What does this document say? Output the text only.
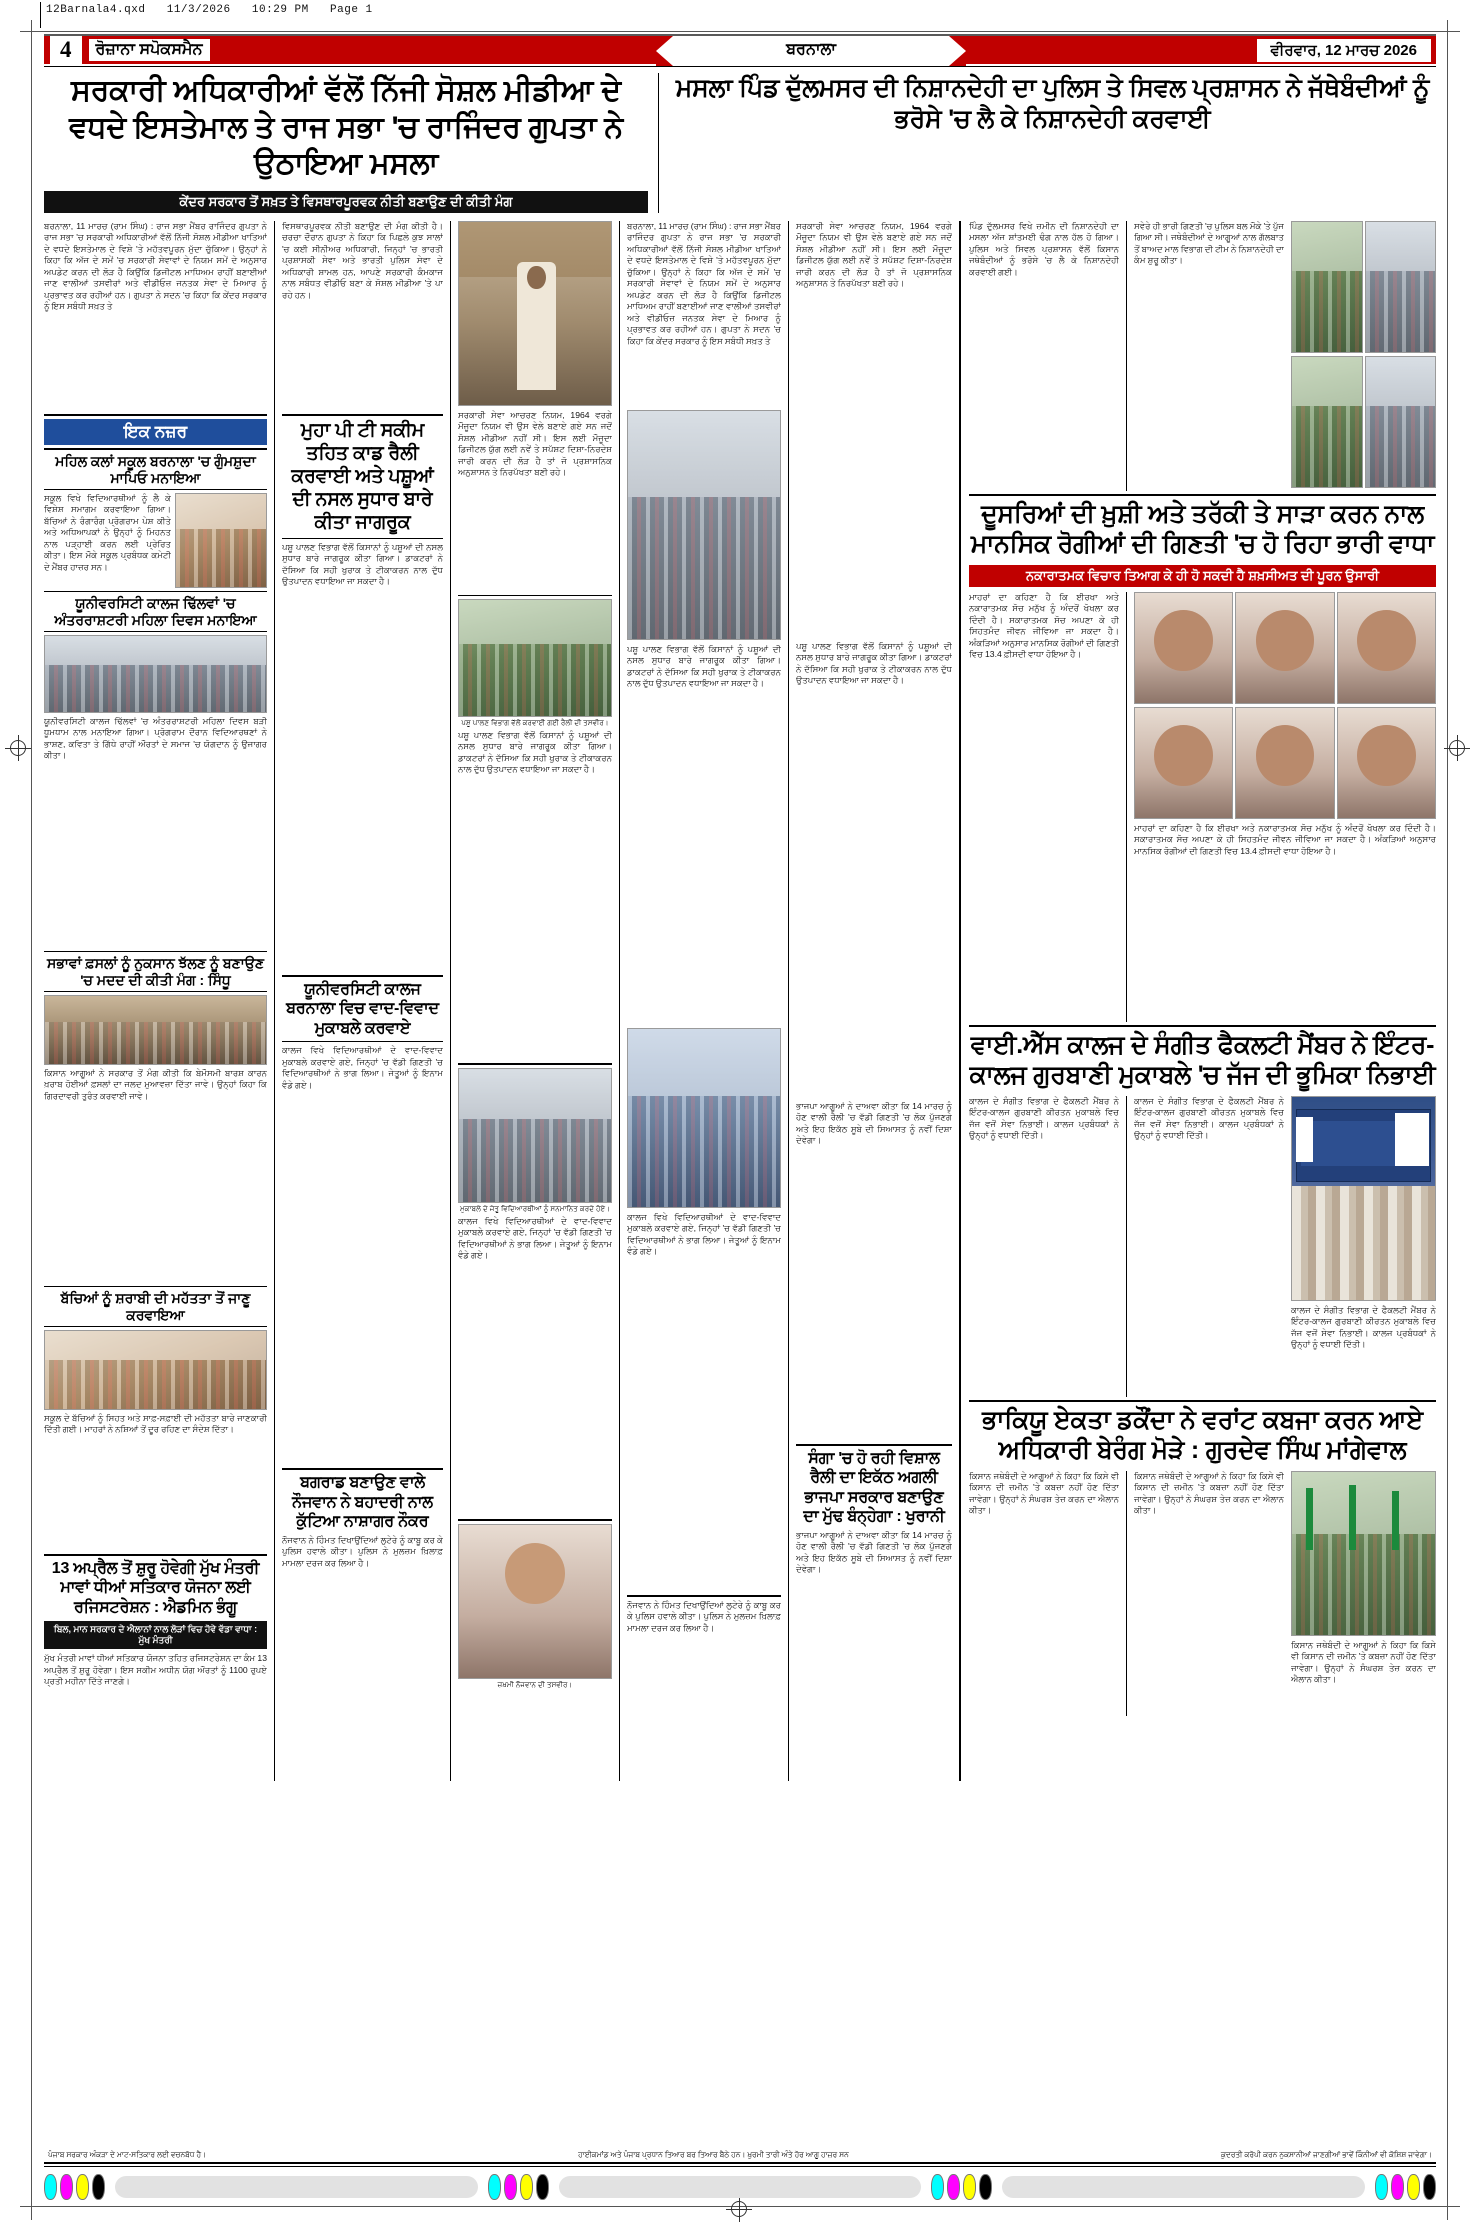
12Barnala4.qxd   11/3/2026   10:29 PM   Page 1
4	ਰੋਜ਼ਾਨਾ ਸਪੋਕਸਮੈਨ	ਬਰਨਾਲਾ	ਵੀਰਵਾਰ, 12 ਮਾਰਚ 2026
ਸਰਕਾਰੀ ਅਧਿਕਾਰੀਆਂ ਵੱਲੋਂ ਨਿੱਜੀ ਸੋਸ਼ਲ ਮੀਡੀਆ ਦੇ ਵਧਦੇ ਇਸਤੇਮਾਲ ਤੇ ਰਾਜ ਸਭਾ 'ਚ ਰਾਜਿੰਦਰ ਗੁਪਤਾ ਨੇ ਉਠਾਇਆ ਮਸਲਾ
ਕੇਂਦਰ ਸਰਕਾਰ ਤੋਂ ਸਖ਼ਤ ਤੇ ਵਿਸਥਾਰਪੂਰਵਕ ਨੀਤੀ ਬਣਾਉਣ ਦੀ ਕੀਤੀ ਮੰਗ
ਮਸਲਾ ਪਿੰਡ ਦੁੱਲਮਸਰ ਦੀ ਨਿਸ਼ਾਨਦੇਹੀ ਦਾ ਪੁਲਿਸ ਤੇ ਸਿਵਲ ਪ੍ਰਸ਼ਾਸਨ ਨੇ ਜੱਥੇਬੰਦੀਆਂ ਨੂੰ ਭਰੋਸੇ 'ਚ ਲੈ ਕੇ ਨਿਸ਼ਾਨਦੇਹੀ ਕਰਵਾਈ
ਬਰਨਾਲਾ, 11 ਮਾਰਚ (ਰਾਮ ਸਿੰਘ) : ਰਾਜ ਸਭਾ ਮੈਂਬਰ ਰਾਜਿੰਦਰ ਗੁਪਤਾ ਨੇ ਰਾਜ ਸਭਾ 'ਚ ਸਰਕਾਰੀ ਅਧਿਕਾਰੀਆਂ ਵੱਲੋਂ ਨਿੱਜੀ ਸੋਸ਼ਲ ਮੀਡੀਆ ਖਾਤਿਆਂ ਦੇ ਵਧਦੇ ਇਸਤੇਮਾਲ ਦੇ ਵਿਸ਼ੇ 'ਤੇ ਮਹੱਤਵਪੂਰਨ ਮੁੱਦਾ ਚੁੱਕਿਆ। ਉਨ੍ਹਾਂ ਨੇ ਕਿਹਾ ਕਿ ਅੱਜ ਦੇ ਸਮੇਂ 'ਚ ਸਰਕਾਰੀ ਸੇਵਾਵਾਂ ਦੇ ਨਿਯਮ ਸਮੇਂ ਦੇ ਅਨੁਸਾਰ ਅਪਡੇਟ ਕਰਨ ਦੀ ਲੋੜ ਹੈ ਕਿਉਂਕਿ ਡਿਜੀਟਲ ਮਾਧਿਅਮ ਰਾਹੀਂ ਬਣਾਈਆਂ ਜਾਣ ਵਾਲੀਆਂ ਤਸਵੀਰਾਂ ਅਤੇ ਵੀਡੀਓਜ਼ ਜਨਤਕ ਸੇਵਾ ਦੇ ਮਿਆਰ ਨੂੰ ਪ੍ਰਭਾਵਤ ਕਰ ਰਹੀਆਂ ਹਨ। ਗੁਪਤਾ ਨੇ ਸਦਨ 'ਚ ਕਿਹਾ ਕਿ ਕੇਂਦਰ ਸਰਕਾਰ ਨੂੰ ਇਸ ਸਬੰਧੀ ਸਖ਼ਤ ਤੇ
ਇਕ ਨਜ਼ਰ
ਮਹਿਲ ਕਲਾਂ ਸਕੂਲ ਬਰਨਾਲਾ 'ਚ ਗੁੰਮਸ਼ੁਦਾ ਮਾਪਿਓ ਮਨਾਇਆ
ਸਕੂਲ ਵਿਖੇ ਵਿਦਿਆਰਥੀਆਂ ਨੂੰ ਲੈ ਕੇ ਵਿਸ਼ੇਸ਼ ਸਮਾਗਮ ਕਰਵਾਇਆ ਗਿਆ। ਬੱਚਿਆਂ ਨੇ ਰੰਗਾਰੰਗ ਪ੍ਰੋਗਰਾਮ ਪੇਸ਼ ਕੀਤੇ ਅਤੇ ਅਧਿਆਪਕਾਂ ਨੇ ਉਨ੍ਹਾਂ ਨੂੰ ਮਿਹਨਤ ਨਾਲ ਪੜ੍ਹਾਈ ਕਰਨ ਲਈ ਪ੍ਰੇਰਿਤ ਕੀਤਾ। ਇਸ ਮੌਕੇ ਸਕੂਲ ਪ੍ਰਬੰਧਕ ਕਮੇਟੀ ਦੇ ਮੈਂਬਰ ਹਾਜ਼ਰ ਸਨ।
ਯੂਨੀਵਰਸਿਟੀ ਕਾਲਜ ਢਿੱਲਵਾਂ 'ਚ ਅੰਤਰਰਾਸ਼ਟਰੀ ਮਹਿਲਾ ਦਿਵਸ ਮਨਾਇਆ
ਯੂਨੀਵਰਸਿਟੀ ਕਾਲਜ ਢਿੱਲਵਾਂ 'ਚ ਅੰਤਰਰਾਸ਼ਟਰੀ ਮਹਿਲਾ ਦਿਵਸ ਬੜੀ ਧੂਮਧਾਮ ਨਾਲ ਮਨਾਇਆ ਗਿਆ। ਪ੍ਰੋਗਰਾਮ ਦੌਰਾਨ ਵਿਦਿਆਰਥਣਾਂ ਨੇ ਭਾਸ਼ਣ, ਕਵਿਤਾ ਤੇ ਗਿੱਧੇ ਰਾਹੀਂ ਔਰਤਾਂ ਦੇ ਸਮਾਜ 'ਚ ਯੋਗਦਾਨ ਨੂੰ ਉਜਾਗਰ ਕੀਤਾ।
ਸਭਾਵਾਂ ਫ਼ਸਲਾਂ ਨੂੰ ਨੁਕਸਾਨ ਝੱਲਣ ਨੂੰ ਬਣਾਉਣ 'ਚ ਮਦਦ ਦੀ ਕੀਤੀ ਮੰਗ : ਸਿੰਧੂ
ਕਿਸਾਨ ਆਗੂਆਂ ਨੇ ਸਰਕਾਰ ਤੋਂ ਮੰਗ ਕੀਤੀ ਕਿ ਬੇਮੌਸਮੀ ਬਾਰਸ਼ ਕਾਰਨ ਖ਼ਰਾਬ ਹੋਈਆਂ ਫ਼ਸਲਾਂ ਦਾ ਜਲਦ ਮੁਆਵਜ਼ਾ ਦਿੱਤਾ ਜਾਵੇ। ਉਨ੍ਹਾਂ ਕਿਹਾ ਕਿ ਗਿਰਦਾਵਰੀ ਤੁਰੰਤ ਕਰਵਾਈ ਜਾਵੇ।
ਬੱਚਿਆਂ ਨੂੰ ਸ਼ਰਾਬੀ ਦੀ ਮਹੱਤਤਾ ਤੋਂ ਜਾਣੂ ਕਰਵਾਇਆ
ਸਕੂਲ ਦੇ ਬੱਚਿਆਂ ਨੂੰ ਸਿਹਤ ਅਤੇ ਸਾਫ਼-ਸਫ਼ਾਈ ਦੀ ਮਹੱਤਤਾ ਬਾਰੇ ਜਾਣਕਾਰੀ ਦਿੱਤੀ ਗਈ। ਮਾਹਰਾਂ ਨੇ ਨਸ਼ਿਆਂ ਤੋਂ ਦੂਰ ਰਹਿਣ ਦਾ ਸੰਦੇਸ਼ ਦਿੱਤਾ।
13 ਅਪ੍ਰੈਲ ਤੋਂ ਸ਼ੁਰੂ ਹੋਵੇਗੀ ਮੁੱਖ ਮੰਤਰੀ ਮਾਵਾਂ ਧੀਆਂ ਸਤਿਕਾਰ ਯੋਜਨਾ ਲਈ ਰਜਿਸਟਰੇਸ਼ਨ : ਐਡਮਿਨ ਭੰਗੂ
ਬਿਲ, ਮਾਨ ਸਰਕਾਰ ਦੇ ਐਲਾਨਾਂ ਨਾਲ ਲੋੜਾਂ ਵਿਚ ਹੋਵੇ ਵੱਡਾ ਵਾਧਾ : ਮੁੱਖ ਮੰਤਰੀ
ਮੁੱਖ ਮੰਤਰੀ ਮਾਵਾਂ ਧੀਆਂ ਸਤਿਕਾਰ ਯੋਜਨਾ ਤਹਿਤ ਰਜਿਸਟਰੇਸ਼ਨ ਦਾ ਕੰਮ 13 ਅਪ੍ਰੈਲ ਤੋਂ ਸ਼ੁਰੂ ਹੋਵੇਗਾ। ਇਸ ਸਕੀਮ ਅਧੀਨ ਯੋਗ ਔਰਤਾਂ ਨੂੰ 1100 ਰੁਪਏ ਪ੍ਰਤੀ ਮਹੀਨਾ ਦਿੱਤੇ ਜਾਣਗੇ।
ਵਿਸਥਾਰਪੂਰਵਕ ਨੀਤੀ ਬਣਾਉਣ ਦੀ ਮੰਗ ਕੀਤੀ ਹੈ। ਚਰਚਾ ਦੌਰਾਨ ਗੁਪਤਾ ਨੇ ਕਿਹਾ ਕਿ ਪਿਛਲੇ ਕੁਝ ਸਾਲਾਂ 'ਚ ਕਈ ਸੀਨੀਅਰ ਅਧਿਕਾਰੀ, ਜਿਨ੍ਹਾਂ 'ਚ ਭਾਰਤੀ ਪ੍ਰਸ਼ਾਸਕੀ ਸੇਵਾ ਅਤੇ ਭਾਰਤੀ ਪੁਲਿਸ ਸੇਵਾ ਦੇ ਅਧਿਕਾਰੀ ਸ਼ਾਮਲ ਹਨ, ਆਪਣੇ ਸਰਕਾਰੀ ਕੰਮਕਾਜ ਨਾਲ ਸਬੰਧਤ ਵੀਡੀਓ ਬਣਾ ਕੇ ਸੋਸ਼ਲ ਮੀਡੀਆ 'ਤੇ ਪਾ ਰਹੇ ਹਨ।
ਮੁਹਾ ਪੀ ਟੀ ਸਕੀਮ ਤਹਿਤ ਕਾਡ ਰੈਲੀ ਕਰਵਾਈ ਅਤੇ ਪਸ਼ੂਆਂ ਦੀ ਨਸਲ ਸੁਧਾਰ ਬਾਰੇ ਕੀਤਾ ਜਾਗਰੂਕ
ਪਸ਼ੂ ਪਾਲਣ ਵਿਭਾਗ ਵੱਲੋਂ ਕਿਸਾਨਾਂ ਨੂੰ ਪਸ਼ੂਆਂ ਦੀ ਨਸਲ ਸੁਧਾਰ ਬਾਰੇ ਜਾਗਰੂਕ ਕੀਤਾ ਗਿਆ। ਡਾਕਟਰਾਂ ਨੇ ਦੱਸਿਆ ਕਿ ਸਹੀ ਖੁਰਾਕ ਤੇ ਟੀਕਾਕਰਨ ਨਾਲ ਦੁੱਧ ਉਤਪਾਦਨ ਵਧਾਇਆ ਜਾ ਸਕਦਾ ਹੈ।
ਯੂਨੀਵਰਸਿਟੀ ਕਾਲਜ ਬਰਨਾਲਾ ਵਿਚ ਵਾਦ-ਵਿਵਾਦ ਮੁਕਾਬਲੇ ਕਰਵਾਏ
ਕਾਲਜ ਵਿਖੇ ਵਿਦਿਆਰਥੀਆਂ ਦੇ ਵਾਦ-ਵਿਵਾਦ ਮੁਕਾਬਲੇ ਕਰਵਾਏ ਗਏ, ਜਿਨ੍ਹਾਂ 'ਚ ਵੱਡੀ ਗਿਣਤੀ 'ਚ ਵਿਦਿਆਰਥੀਆਂ ਨੇ ਭਾਗ ਲਿਆ। ਜੇਤੂਆਂ ਨੂੰ ਇਨਾਮ ਵੰਡੇ ਗਏ।
ਬਗਰਾਡ ਬਣਾਉਣ ਵਾਲੇ ਨੌਜਵਾਨ ਨੇ ਬਹਾਦਰੀ ਨਾਲ ਕੁੱਟਿਆ ਨਾਸ਼ਾਗਰ ਨੌਕਰ
ਨੌਜਵਾਨ ਨੇ ਹਿੰਮਤ ਦਿਖਾਉਂਦਿਆਂ ਲੁਟੇਰੇ ਨੂੰ ਕਾਬੂ ਕਰ ਕੇ ਪੁਲਿਸ ਹਵਾਲੇ ਕੀਤਾ। ਪੁਲਿਸ ਨੇ ਮੁਲਜ਼ਮ ਖ਼ਿਲਾਫ਼ ਮਾਮਲਾ ਦਰਜ ਕਰ ਲਿਆ ਹੈ।
ਸਰਕਾਰੀ ਸੇਵਾ ਆਚਰਣ ਨਿਯਮ, 1964 ਵਰਗੇ ਮੌਜੂਦਾ ਨਿਯਮ ਵੀ ਉਸ ਵੇਲੇ ਬਣਾਏ ਗਏ ਸਨ ਜਦੋਂ ਸੋਸ਼ਲ ਮੀਡੀਆ ਨਹੀਂ ਸੀ। ਇਸ ਲਈ ਮੌਜੂਦਾ ਡਿਜੀਟਲ ਯੁੱਗ ਲਈ ਨਵੇਂ ਤੇ ਸਪੱਸ਼ਟ ਦਿਸ਼ਾ-ਨਿਰਦੇਸ਼ ਜਾਰੀ ਕਰਨ ਦੀ ਲੋੜ ਹੈ ਤਾਂ ਜੋ ਪ੍ਰਸ਼ਾਸਨਿਕ ਅਨੁਸ਼ਾਸਨ ਤੇ ਨਿਰਪੱਖਤਾ ਬਣੀ ਰਹੇ।
ਪਸ਼ੂ ਪਾਲਣ ਵਿਭਾਗ ਵੱਲੋਂ ਕਰਵਾਈ ਗਈ ਰੈਲੀ ਦੀ ਤਸਵੀਰ।
ਪਸ਼ੂ ਪਾਲਣ ਵਿਭਾਗ ਵੱਲੋਂ ਕਿਸਾਨਾਂ ਨੂੰ ਪਸ਼ੂਆਂ ਦੀ ਨਸਲ ਸੁਧਾਰ ਬਾਰੇ ਜਾਗਰੂਕ ਕੀਤਾ ਗਿਆ। ਡਾਕਟਰਾਂ ਨੇ ਦੱਸਿਆ ਕਿ ਸਹੀ ਖੁਰਾਕ ਤੇ ਟੀਕਾਕਰਨ ਨਾਲ ਦੁੱਧ ਉਤਪਾਦਨ ਵਧਾਇਆ ਜਾ ਸਕਦਾ ਹੈ।
ਮੁਕਾਬਲੇ ਦੇ ਜੇਤੂ ਵਿਦਿਆਰਥੀਆਂ ਨੂੰ ਸਨਮਾਨਿਤ ਕਰਦੇ ਹੋਏ।
ਕਾਲਜ ਵਿਖੇ ਵਿਦਿਆਰਥੀਆਂ ਦੇ ਵਾਦ-ਵਿਵਾਦ ਮੁਕਾਬਲੇ ਕਰਵਾਏ ਗਏ, ਜਿਨ੍ਹਾਂ 'ਚ ਵੱਡੀ ਗਿਣਤੀ 'ਚ ਵਿਦਿਆਰਥੀਆਂ ਨੇ ਭਾਗ ਲਿਆ। ਜੇਤੂਆਂ ਨੂੰ ਇਨਾਮ ਵੰਡੇ ਗਏ।
ਜ਼ਖ਼ਮੀ ਨੌਜਵਾਨ ਦੀ ਤਸਵੀਰ।
ਬਰਨਾਲਾ, 11 ਮਾਰਚ (ਰਾਮ ਸਿੰਘ) : ਰਾਜ ਸਭਾ ਮੈਂਬਰ ਰਾਜਿੰਦਰ ਗੁਪਤਾ ਨੇ ਰਾਜ ਸਭਾ 'ਚ ਸਰਕਾਰੀ ਅਧਿਕਾਰੀਆਂ ਵੱਲੋਂ ਨਿੱਜੀ ਸੋਸ਼ਲ ਮੀਡੀਆ ਖਾਤਿਆਂ ਦੇ ਵਧਦੇ ਇਸਤੇਮਾਲ ਦੇ ਵਿਸ਼ੇ 'ਤੇ ਮਹੱਤਵਪੂਰਨ ਮੁੱਦਾ ਚੁੱਕਿਆ। ਉਨ੍ਹਾਂ ਨੇ ਕਿਹਾ ਕਿ ਅੱਜ ਦੇ ਸਮੇਂ 'ਚ ਸਰਕਾਰੀ ਸੇਵਾਵਾਂ ਦੇ ਨਿਯਮ ਸਮੇਂ ਦੇ ਅਨੁਸਾਰ ਅਪਡੇਟ ਕਰਨ ਦੀ ਲੋੜ ਹੈ ਕਿਉਂਕਿ ਡਿਜੀਟਲ ਮਾਧਿਅਮ ਰਾਹੀਂ ਬਣਾਈਆਂ ਜਾਣ ਵਾਲੀਆਂ ਤਸਵੀਰਾਂ ਅਤੇ ਵੀਡੀਓਜ਼ ਜਨਤਕ ਸੇਵਾ ਦੇ ਮਿਆਰ ਨੂੰ ਪ੍ਰਭਾਵਤ ਕਰ ਰਹੀਆਂ ਹਨ। ਗੁਪਤਾ ਨੇ ਸਦਨ 'ਚ ਕਿਹਾ ਕਿ ਕੇਂਦਰ ਸਰਕਾਰ ਨੂੰ ਇਸ ਸਬੰਧੀ ਸਖ਼ਤ ਤੇ
ਪਸ਼ੂ ਪਾਲਣ ਵਿਭਾਗ ਵੱਲੋਂ ਕਿਸਾਨਾਂ ਨੂੰ ਪਸ਼ੂਆਂ ਦੀ ਨਸਲ ਸੁਧਾਰ ਬਾਰੇ ਜਾਗਰੂਕ ਕੀਤਾ ਗਿਆ। ਡਾਕਟਰਾਂ ਨੇ ਦੱਸਿਆ ਕਿ ਸਹੀ ਖੁਰਾਕ ਤੇ ਟੀਕਾਕਰਨ ਨਾਲ ਦੁੱਧ ਉਤਪਾਦਨ ਵਧਾਇਆ ਜਾ ਸਕਦਾ ਹੈ।
ਕਾਲਜ ਵਿਖੇ ਵਿਦਿਆਰਥੀਆਂ ਦੇ ਵਾਦ-ਵਿਵਾਦ ਮੁਕਾਬਲੇ ਕਰਵਾਏ ਗਏ, ਜਿਨ੍ਹਾਂ 'ਚ ਵੱਡੀ ਗਿਣਤੀ 'ਚ ਵਿਦਿਆਰਥੀਆਂ ਨੇ ਭਾਗ ਲਿਆ। ਜੇਤੂਆਂ ਨੂੰ ਇਨਾਮ ਵੰਡੇ ਗਏ।
ਨੌਜਵਾਨ ਨੇ ਹਿੰਮਤ ਦਿਖਾਉਂਦਿਆਂ ਲੁਟੇਰੇ ਨੂੰ ਕਾਬੂ ਕਰ ਕੇ ਪੁਲਿਸ ਹਵਾਲੇ ਕੀਤਾ। ਪੁਲਿਸ ਨੇ ਮੁਲਜ਼ਮ ਖ਼ਿਲਾਫ਼ ਮਾਮਲਾ ਦਰਜ ਕਰ ਲਿਆ ਹੈ।
ਸਰਕਾਰੀ ਸੇਵਾ ਆਚਰਣ ਨਿਯਮ, 1964 ਵਰਗੇ ਮੌਜੂਦਾ ਨਿਯਮ ਵੀ ਉਸ ਵੇਲੇ ਬਣਾਏ ਗਏ ਸਨ ਜਦੋਂ ਸੋਸ਼ਲ ਮੀਡੀਆ ਨਹੀਂ ਸੀ। ਇਸ ਲਈ ਮੌਜੂਦਾ ਡਿਜੀਟਲ ਯੁੱਗ ਲਈ ਨਵੇਂ ਤੇ ਸਪੱਸ਼ਟ ਦਿਸ਼ਾ-ਨਿਰਦੇਸ਼ ਜਾਰੀ ਕਰਨ ਦੀ ਲੋੜ ਹੈ ਤਾਂ ਜੋ ਪ੍ਰਸ਼ਾਸਨਿਕ ਅਨੁਸ਼ਾਸਨ ਤੇ ਨਿਰਪੱਖਤਾ ਬਣੀ ਰਹੇ।
ਪਸ਼ੂ ਪਾਲਣ ਵਿਭਾਗ ਵੱਲੋਂ ਕਿਸਾਨਾਂ ਨੂੰ ਪਸ਼ੂਆਂ ਦੀ ਨਸਲ ਸੁਧਾਰ ਬਾਰੇ ਜਾਗਰੂਕ ਕੀਤਾ ਗਿਆ। ਡਾਕਟਰਾਂ ਨੇ ਦੱਸਿਆ ਕਿ ਸਹੀ ਖੁਰਾਕ ਤੇ ਟੀਕਾਕਰਨ ਨਾਲ ਦੁੱਧ ਉਤਪਾਦਨ ਵਧਾਇਆ ਜਾ ਸਕਦਾ ਹੈ।
ਭਾਜਪਾ ਆਗੂਆਂ ਨੇ ਦਾਅਵਾ ਕੀਤਾ ਕਿ 14 ਮਾਰਚ ਨੂੰ ਹੋਣ ਵਾਲੀ ਰੈਲੀ 'ਚ ਵੱਡੀ ਗਿਣਤੀ 'ਚ ਲੋਕ ਪੁੱਜਣਗੇ ਅਤੇ ਇਹ ਇਕੱਠ ਸੂਬੇ ਦੀ ਸਿਆਸਤ ਨੂੰ ਨਵੀਂ ਦਿਸ਼ਾ ਦੇਵੇਗਾ।
ਸੰਗਾ 'ਚ ਹੋ ਰਹੀ ਵਿਸ਼ਾਲ ਰੈਲੀ ਦਾ ਇਕੱਠ ਅਗਲੀ ਭਾਜਪਾ ਸਰਕਾਰ ਬਣਾਉਣ ਦਾ ਮੁੱਢ ਬੰਨ੍ਹੇਗਾ : ਖੁਰਾਨੀ
ਭਾਜਪਾ ਆਗੂਆਂ ਨੇ ਦਾਅਵਾ ਕੀਤਾ ਕਿ 14 ਮਾਰਚ ਨੂੰ ਹੋਣ ਵਾਲੀ ਰੈਲੀ 'ਚ ਵੱਡੀ ਗਿਣਤੀ 'ਚ ਲੋਕ ਪੁੱਜਣਗੇ ਅਤੇ ਇਹ ਇਕੱਠ ਸੂਬੇ ਦੀ ਸਿਆਸਤ ਨੂੰ ਨਵੀਂ ਦਿਸ਼ਾ ਦੇਵੇਗਾ।
ਪਿੰਡ ਦੁੱਲਮਸਰ ਵਿਖੇ ਜ਼ਮੀਨ ਦੀ ਨਿਸ਼ਾਨਦੇਹੀ ਦਾ ਮਸਲਾ ਅੱਜ ਸ਼ਾਂਤਮਈ ਢੰਗ ਨਾਲ ਹੱਲ ਹੋ ਗਿਆ। ਪੁਲਿਸ ਅਤੇ ਸਿਵਲ ਪ੍ਰਸ਼ਾਸਨ ਵੱਲੋਂ ਕਿਸਾਨ ਜਥੇਬੰਦੀਆਂ ਨੂੰ ਭਰੋਸੇ 'ਚ ਲੈ ਕੇ ਨਿਸ਼ਾਨਦੇਹੀ ਕਰਵਾਈ ਗਈ।
ਸਵੇਰੇ ਹੀ ਭਾਰੀ ਗਿਣਤੀ 'ਚ ਪੁਲਿਸ ਬਲ ਮੌਕੇ 'ਤੇ ਪੁੱਜ ਗਿਆ ਸੀ। ਜਥੇਬੰਦੀਆਂ ਦੇ ਆਗੂਆਂ ਨਾਲ ਗੱਲਬਾਤ ਤੋਂ ਬਾਅਦ ਮਾਲ ਵਿਭਾਗ ਦੀ ਟੀਮ ਨੇ ਨਿਸ਼ਾਨਦੇਹੀ ਦਾ ਕੰਮ ਸ਼ੁਰੂ ਕੀਤਾ।
ਦੂਸਰਿਆਂ ਦੀ ਖ਼ੁਸ਼ੀ ਅਤੇ ਤਰੱਕੀ ਤੇ ਸਾੜਾ ਕਰਨ ਨਾਲ ਮਾਨਸਿਕ ਰੋਗੀਆਂ ਦੀ ਗਿਣਤੀ 'ਚ ਹੋ ਰਿਹਾ ਭਾਰੀ ਵਾਧਾ
ਨਕਾਰਾਤਮਕ ਵਿਚਾਰ ਤਿਆਗ ਕੇ ਹੀ ਹੋ ਸਕਦੀ ਹੈ ਸ਼ਖ਼ਸੀਅਤ ਦੀ ਪੂਰਨ ਉਸਾਰੀ
ਮਾਹਰਾਂ ਦਾ ਕਹਿਣਾ ਹੈ ਕਿ ਈਰਖਾ ਅਤੇ ਨਕਾਰਾਤਮਕ ਸੋਚ ਮਨੁੱਖ ਨੂੰ ਅੰਦਰੋਂ ਖੋਖਲਾ ਕਰ ਦਿੰਦੀ ਹੈ। ਸਕਾਰਾਤਮਕ ਸੋਚ ਅਪਣਾ ਕੇ ਹੀ ਸਿਹਤਮੰਦ ਜੀਵਨ ਜੀਵਿਆ ਜਾ ਸਕਦਾ ਹੈ। ਅੰਕੜਿਆਂ ਅਨੁਸਾਰ ਮਾਨਸਿਕ ਰੋਗੀਆਂ ਦੀ ਗਿਣਤੀ ਵਿਚ 13.4 ਫ਼ੀਸਦੀ ਵਾਧਾ ਹੋਇਆ ਹੈ।
ਮਾਹਰਾਂ ਦਾ ਕਹਿਣਾ ਹੈ ਕਿ ਈਰਖਾ ਅਤੇ ਨਕਾਰਾਤਮਕ ਸੋਚ ਮਨੁੱਖ ਨੂੰ ਅੰਦਰੋਂ ਖੋਖਲਾ ਕਰ ਦਿੰਦੀ ਹੈ। ਸਕਾਰਾਤਮਕ ਸੋਚ ਅਪਣਾ ਕੇ ਹੀ ਸਿਹਤਮੰਦ ਜੀਵਨ ਜੀਵਿਆ ਜਾ ਸਕਦਾ ਹੈ। ਅੰਕੜਿਆਂ ਅਨੁਸਾਰ ਮਾਨਸਿਕ ਰੋਗੀਆਂ ਦੀ ਗਿਣਤੀ ਵਿਚ 13.4 ਫ਼ੀਸਦੀ ਵਾਧਾ ਹੋਇਆ ਹੈ।
ਵਾਈ.ਐੱਸ ਕਾਲਜ ਦੇ ਸੰਗੀਤ ਫੈਕਲਟੀ ਮੈਂਬਰ ਨੇ ਇੰਟਰ-ਕਾਲਜ ਗੁਰਬਾਣੀ ਮੁਕਾਬਲੇ 'ਚ ਜੱਜ ਦੀ ਭੂਮਿਕਾ ਨਿਭਾਈ
ਕਾਲਜ ਦੇ ਸੰਗੀਤ ਵਿਭਾਗ ਦੇ ਫੈਕਲਟੀ ਮੈਂਬਰ ਨੇ ਇੰਟਰ-ਕਾਲਜ ਗੁਰਬਾਣੀ ਕੀਰਤਨ ਮੁਕਾਬਲੇ ਵਿਚ ਜੱਜ ਵਜੋਂ ਸੇਵਾ ਨਿਭਾਈ। ਕਾਲਜ ਪ੍ਰਬੰਧਕਾਂ ਨੇ ਉਨ੍ਹਾਂ ਨੂੰ ਵਧਾਈ ਦਿੱਤੀ।
ਕਾਲਜ ਦੇ ਸੰਗੀਤ ਵਿਭਾਗ ਦੇ ਫੈਕਲਟੀ ਮੈਂਬਰ ਨੇ ਇੰਟਰ-ਕਾਲਜ ਗੁਰਬਾਣੀ ਕੀਰਤਨ ਮੁਕਾਬਲੇ ਵਿਚ ਜੱਜ ਵਜੋਂ ਸੇਵਾ ਨਿਭਾਈ। ਕਾਲਜ ਪ੍ਰਬੰਧਕਾਂ ਨੇ ਉਨ੍ਹਾਂ ਨੂੰ ਵਧਾਈ ਦਿੱਤੀ।
ਕਾਲਜ ਦੇ ਸੰਗੀਤ ਵਿਭਾਗ ਦੇ ਫੈਕਲਟੀ ਮੈਂਬਰ ਨੇ ਇੰਟਰ-ਕਾਲਜ ਗੁਰਬਾਣੀ ਕੀਰਤਨ ਮੁਕਾਬਲੇ ਵਿਚ ਜੱਜ ਵਜੋਂ ਸੇਵਾ ਨਿਭਾਈ। ਕਾਲਜ ਪ੍ਰਬੰਧਕਾਂ ਨੇ ਉਨ੍ਹਾਂ ਨੂੰ ਵਧਾਈ ਦਿੱਤੀ।
ਭਾਕਿਯੂ ਏਕਤਾ ਡਕੌਂਦਾ ਨੇ ਵਰਾਂਟ ਕਬਜਾ ਕਰਨ ਆਏ ਅਧਿਕਾਰੀ ਬੇਰੰਗ ਮੋੜੇ : ਗੁਰਦੇਵ ਸਿੰਘ ਮਾਂਗੇਵਾਲ
ਕਿਸਾਨ ਜਥੇਬੰਦੀ ਦੇ ਆਗੂਆਂ ਨੇ ਕਿਹਾ ਕਿ ਕਿਸੇ ਵੀ ਕਿਸਾਨ ਦੀ ਜ਼ਮੀਨ 'ਤੇ ਕਬਜ਼ਾ ਨਹੀਂ ਹੋਣ ਦਿੱਤਾ ਜਾਵੇਗਾ। ਉਨ੍ਹਾਂ ਨੇ ਸੰਘਰਸ਼ ਤੇਜ਼ ਕਰਨ ਦਾ ਐਲਾਨ ਕੀਤਾ।
ਕਿਸਾਨ ਜਥੇਬੰਦੀ ਦੇ ਆਗੂਆਂ ਨੇ ਕਿਹਾ ਕਿ ਕਿਸੇ ਵੀ ਕਿਸਾਨ ਦੀ ਜ਼ਮੀਨ 'ਤੇ ਕਬਜ਼ਾ ਨਹੀਂ ਹੋਣ ਦਿੱਤਾ ਜਾਵੇਗਾ। ਉਨ੍ਹਾਂ ਨੇ ਸੰਘਰਸ਼ ਤੇਜ਼ ਕਰਨ ਦਾ ਐਲਾਨ ਕੀਤਾ।
ਕਿਸਾਨ ਜਥੇਬੰਦੀ ਦੇ ਆਗੂਆਂ ਨੇ ਕਿਹਾ ਕਿ ਕਿਸੇ ਵੀ ਕਿਸਾਨ ਦੀ ਜ਼ਮੀਨ 'ਤੇ ਕਬਜ਼ਾ ਨਹੀਂ ਹੋਣ ਦਿੱਤਾ ਜਾਵੇਗਾ। ਉਨ੍ਹਾਂ ਨੇ ਸੰਘਰਸ਼ ਤੇਜ਼ ਕਰਨ ਦਾ ਐਲਾਨ ਕੀਤਾ।
ਪੰਜਾਬ ਸਰਕਾਰ ਅੰਕੜਾ ਦੇ ਮਾਟ-ਸਤਿਕਾਰ ਲਈ ਵਚਨਬੱਧ ਹੈ।	ਹਾਈਕਮਾਂਡ ਅਤੇ ਪੰਜਾਬ ਪ੍ਰਧਾਨ ਤਿਆਰ ਬਰ ਤਿਆਰ ਬੈਠੇ ਹਨ। ਖ਼ੁਰਮੀ ਤਾਰੀ ਅੰਤੇ ਹੋਰ ਆਗੂ ਹਾਜ਼ਰ ਸਨ	ਕੁਦਰਤੀ ਕਰੋਪੀ ਕਰਨ ਨੁਕਸਾਨੀਆਂ ਜਾਣਗੀਆਂ ਭਾਵੇਂ ਕਿੰਨੀਆਂ ਵੀ ਕੋਸ਼ਿਸ਼ ਜਾਵੇਗਾ।
